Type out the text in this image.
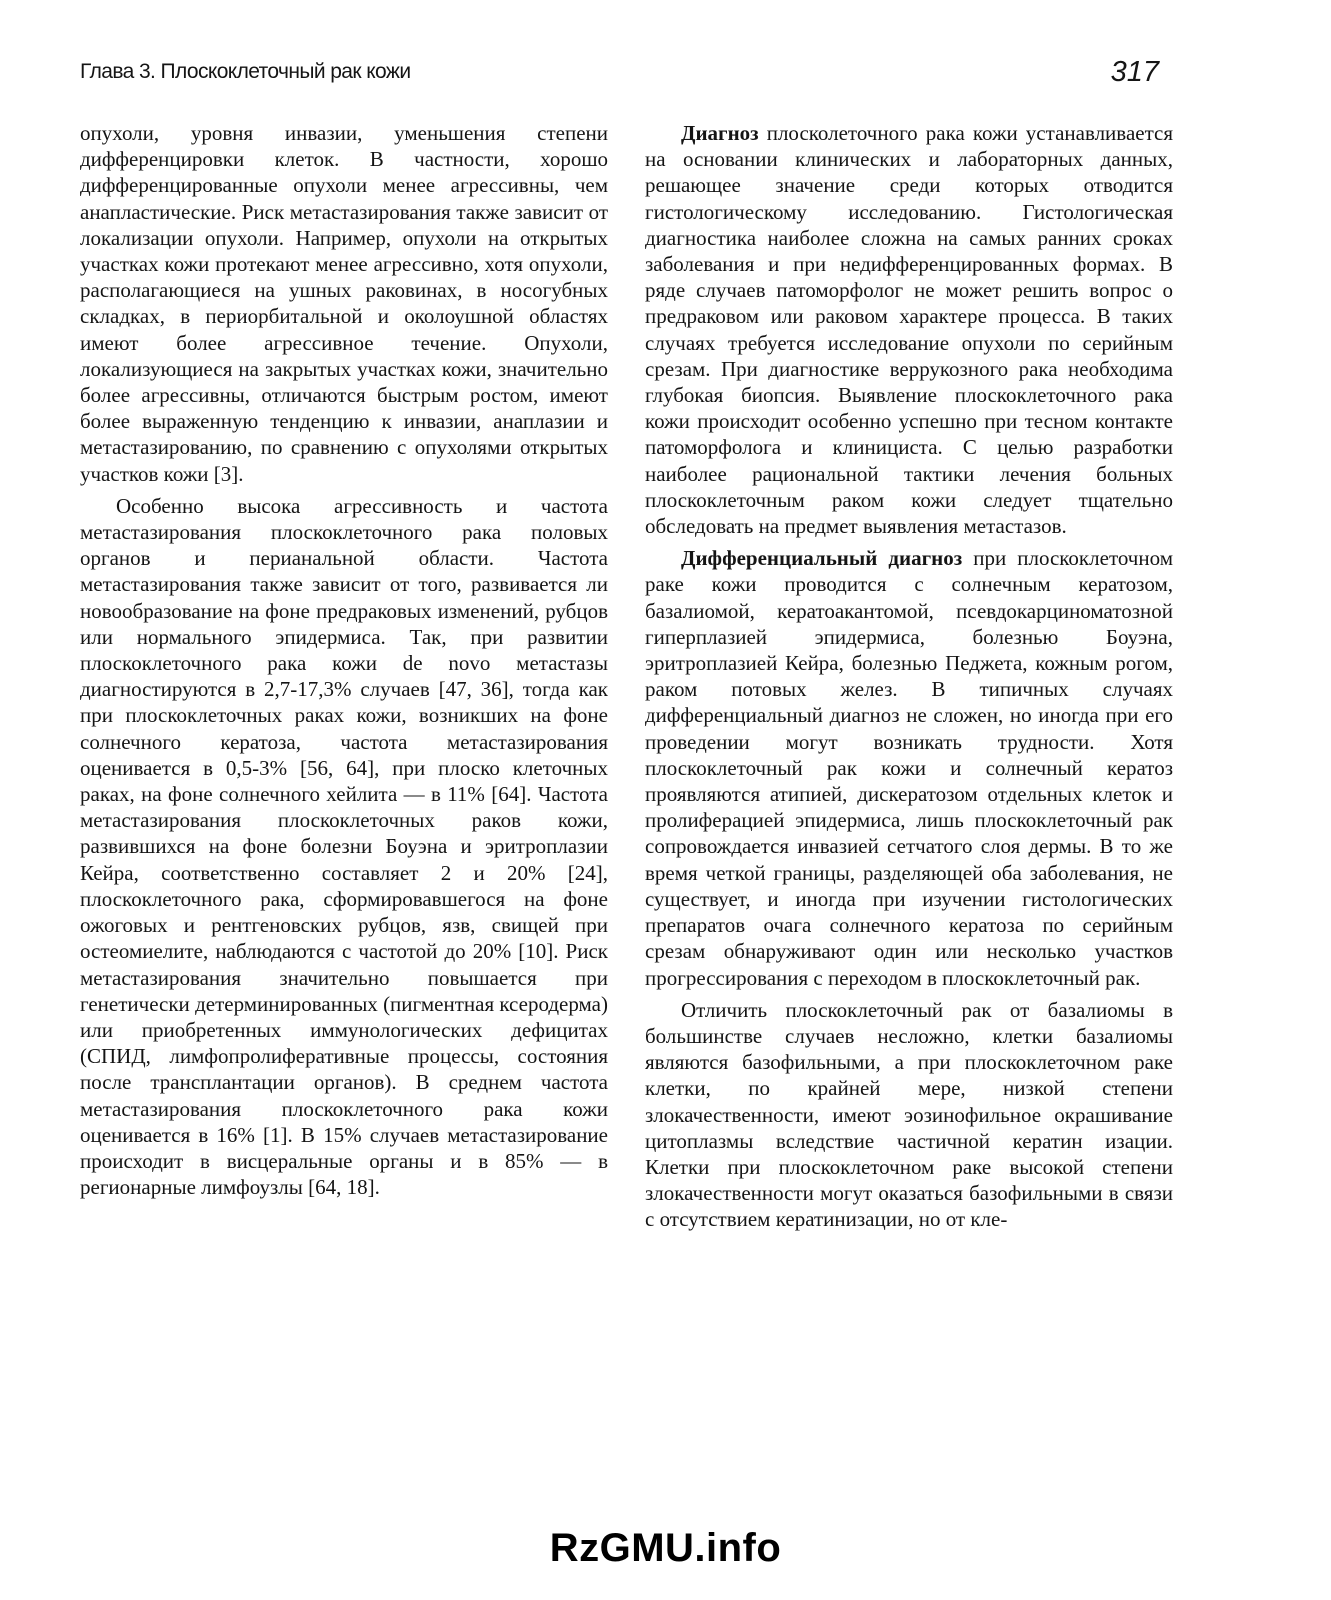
Глава 3. Плоскоклеточный рак кожи	317

опухоли, уровня инвазии, уменьшения степени дифференцировки клеток. В частности, хорошо дифференцированные опухоли менее агрессивны, чем анапластические. Риск метастазирования также зависит от локализации опухоли. Например, опухоли на открытых участках кожи протекают менее агрессивно, хотя опухоли, располагающиеся на ушных раковинах, в носогубных складках, в периорбитальной и околоушной областях имеют более агрессивное течение. Опухоли, локализующиеся на закрытых участках кожи, значительно более агрессивны, отличаются быстрым ростом, имеют более выраженную тенденцию к инвазии, анаплазии и метастазированию, по сравнению с опухолями открытых участков кожи [3].

Особенно высока агрессивность и частота метастазирования плоскоклеточного рака половых органов и перианальной области. Частота метастазирования также зависит от того, развивается ли новообразование на фоне предраковых изменений, рубцов или нормального эпидермиса. Так, при развитии плоскоклеточного рака кожи de novo метастазы диагностируются в 2,7-17,3% случаев [47, 36], тогда как при плоскоклеточных раках кожи, возникших на фоне солнечного кератоза, частота метастазирования оценивается в 0,5-3% [56, 64], при плоско клеточных раках, на фоне солнечного хейлита — в 11% [64]. Частота метастазирования плоскоклеточных раков кожи, развившихся на фоне болезни Боуэна и эритроплазии Кейра, соответственно составляет 2 и 20% [24], плоскоклеточного рака, сформировавшегося на фоне ожоговых и рентгеновских рубцов, язв, свищей при остеомиелите, наблюдаются с частотой до 20% [10]. Риск метастазирования значительно повышается при генетически детерминированных (пигментная ксеродерма) или приобретенных иммунологических дефицитах (СПИД, лимфопролиферативные процессы, состояния после трансплантации органов). В среднем частота метастазирования плоскоклеточного рака кожи оценивается в 16% [1]. В 15% случаев метастазирование происходит в висцеральные органы и в 85% — в регионарные лимфоузлы [64, 18].

Диагноз плосколеточного рака кожи устанавливается на основании клинических и лабораторных данных, решающее значение среди которых отводится гистологическому исследованию. Гистологическая диагностика наиболее сложна на самых ранних сроках заболевания и при недифференцированных формах. В ряде случаев патоморфолог не может решить вопрос о предраковом или раковом характере процесса. В таких случаях требуется исследование опухоли по серийным срезам. При диагностике веррукозного рака необходима глубокая биопсия. Выявление плоскоклеточного рака кожи происходит особенно успешно при тесном контакте патоморфолога и клинициста. С целью разработки наиболее рациональной тактики лечения больных плоскоклеточным раком кожи следует тщательно обследовать на предмет выявления метастазов.

Дифференциальный диагноз при плоскоклеточном раке кожи проводится с солнечным кератозом, базалиомой, кератоакантомой, псевдокарциноматозной гиперплазией эпидермиса, болезнью Боуэна, эритроплазией Кейра, болезнью Педжета, кожным рогом, раком потовых желез. В типичных случаях дифференциальный диагноз не сложен, но иногда при его проведении могут возникать трудности. Хотя плоскоклеточный рак кожи и солнечный кератоз проявляются атипией, дискератозом отдельных клеток и пролиферацией эпидермиса, лишь плоскоклеточный рак сопровождается инвазией сетчатого слоя дермы. В то же время четкой границы, разделяющей оба заболевания, не существует, и иногда при изучении гистологических препаратов очага солнечного кератоза по серийным срезам обнаруживают один или несколько участков прогрессирования с переходом в плоскоклеточный рак.

Отличить плоскоклеточный рак от базалиомы в большинстве случаев несложно, клетки базалиомы являются базофильными, а при плоскоклеточном раке клетки, по крайней мере, низкой степени злокачественности, имеют эозинофильное окрашивание цитоплазмы вследствие частичной кератин изации. Клетки при плоскоклеточном раке высокой степени злокачественности могут оказаться базофильными в связи с отсутствием кератинизации, но от кле-

RzGMU.info
